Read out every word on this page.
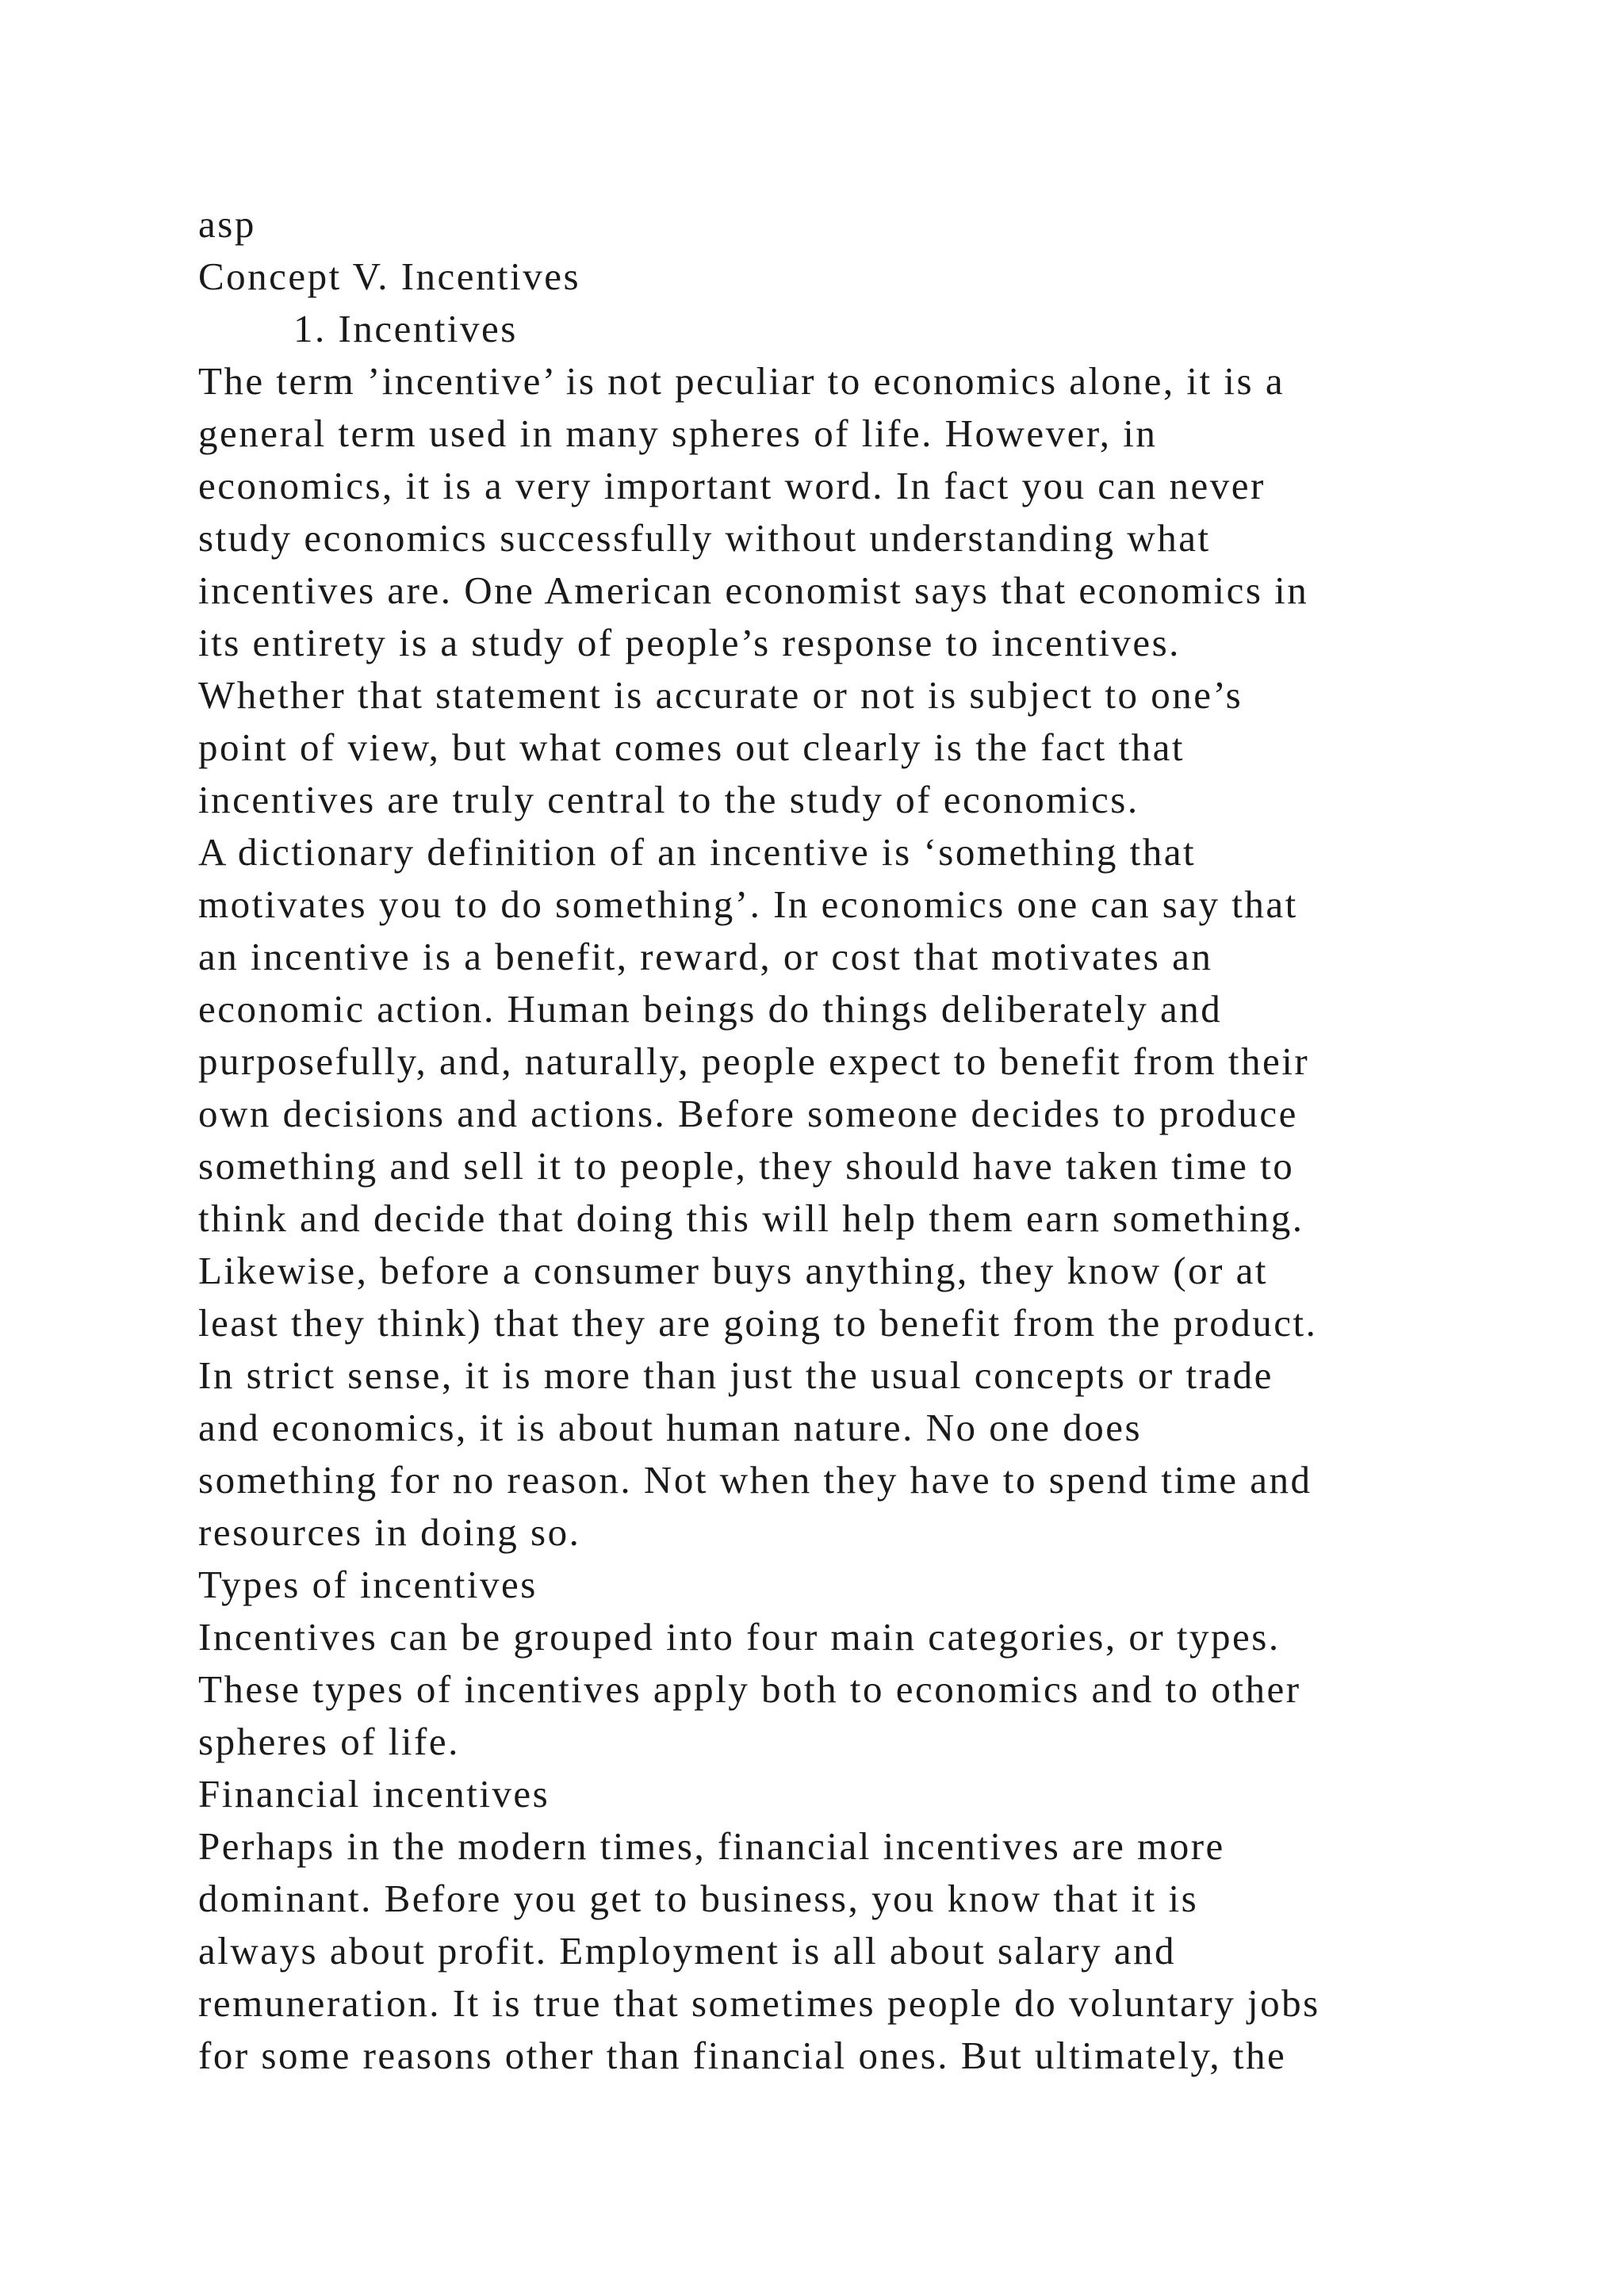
asp
Concept V. Incentives
1. Incentives
The term ’incentive’ is not peculiar to economics alone, it is a
general term used in many spheres of life. However, in
economics, it is a very important word. In fact you can never
study economics successfully without understanding what
incentives are. One American economist says that economics in
its entirety is a study of people’s response to incentives.
Whether that statement is accurate or not is subject to one’s
point of view, but what comes out clearly is the fact that
incentives are truly central to the study of economics.
A dictionary definition of an incentive is ‘something that
motivates you to do something’. In economics one can say that
an incentive is a benefit, reward, or cost that motivates an
economic action. Human beings do things deliberately and
purposefully, and, naturally, people expect to benefit from their
own decisions and actions. Before someone decides to produce
something and sell it to people, they should have taken time to
think and decide that doing this will help them earn something.
Likewise, before a consumer buys anything, they know (or at
least they think) that they are going to benefit from the product.
In strict sense, it is more than just the usual concepts or trade
and economics, it is about human nature. No one does
something for no reason. Not when they have to spend time and
resources in doing so.
Types of incentives
Incentives can be grouped into four main categories, or types.
These types of incentives apply both to economics and to other
spheres of life.
Financial incentives
Perhaps in the modern times, financial incentives are more
dominant. Before you get to business, you know that it is
always about profit. Employment is all about salary and
remuneration. It is true that sometimes people do voluntary jobs
for some reasons other than financial ones. But ultimately, the
